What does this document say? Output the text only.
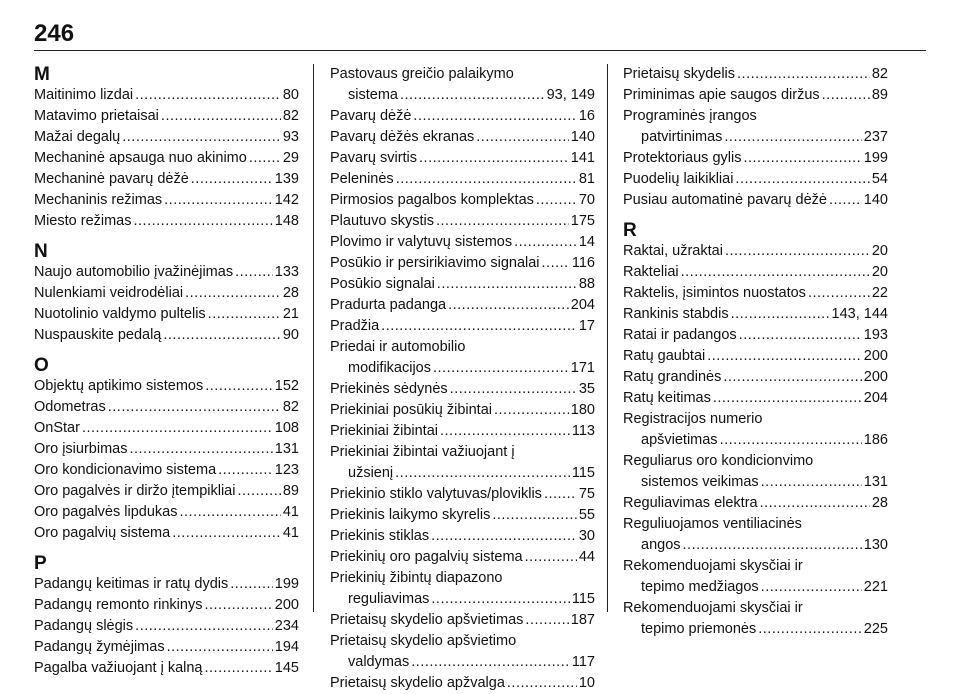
246
M
Maitinimo lizdai .....	80
Matavimo prietaisai .....	82
Mažai degalų .....	93
Mechaninė apsauga nuo akinimo ..... 29
Mechaninė pavarų dėžė .....	139
Mechaninis režimas .....	142
Miesto režimas .....	148
N
Naujo automobilio įvažinėjimas .....	133
Nulenkiami veidrodėliai .....	28
Nuotolinio valdymo pultelis .....	21
Nuspauskite pedalą .....	90
O
Objektų aptikimo sistemos .....	152
Odometras .....	82
OnStar .....	108
Oro įsiurbimas .....	131
Oro kondicionavimo sistema .....	123
Oro pagalvės ir diržo įtempikliai .....	89
Oro pagalvės lipdukas .....	41
Oro pagalvių sistema .....	41
P
Padangų keitimas ir ratų dydis .....	199
Padangų remonto rinkinys .....	200
Padangų slėgis .....	234
Padangų žymėjimas .....	194
Pagalba važiuojant į kalną .....	145
Pastovaus greičio palaikymo
sistema .....	93, 149
Pavarų dėžė .....	16
Pavarų dėžės ekranas .....	140
Pavarų svirtis .....	141
Peleninės .....	81
Pirmosios pagalbos komplektas .....	70
Plautuvo skystis .....	175
Plovimo ir valytuvų sistemos .....	14
Posūkio ir persirikiavimo signalai ..... 116
Posūkio signalai .....	88
Pradurta padanga .....	204
Pradžia .....	17
Priedai ir automobilio
modifikacijos .....	171
Priekinės sėdynės .....	35
Priekiniai posūkių žibintai .....	180
Priekiniai žibintai .....	113
Priekiniai žibintai važiuojant į
užsienį .....	115
Priekinio stiklo valytuvas/ploviklis .....	75
Priekinis laikymo skyrelis .....	55
Priekinis stiklas .....	30
Priekinių oro pagalvių sistema .....	44
Priekinių žibintų diapazono
reguliavimas .....	115
Prietaisų skydelio apšvietimas .....	187
Prietaisų skydelio apšvietimo
valdymas .....	117
Prietaisų skydelio apžvalga .....	10
Prietaisų skydelis .....	82
Priminimas apie saugos diržus .....	89
Programinės įrangos
patvirtinimas .....	237
Protektoriaus gylis .....	199
Puodelių laikikliai .....	54
Pusiau automatinė pavarų dėžė .....	140
R
Raktai, užraktai .....	20
Rakteliai .....	20
Raktelis, įsimintos nuostatos .....	22
Rankinis stabdis .....	143, 144
Ratai ir padangos .....	193
Ratų gaubtai .....	200
Ratų grandinės .....	200
Ratų keitimas .....	204
Registracijos numerio
apšvietimas .....	186
Reguliarus oro kondicionvimo
sistemos veikimas .....	131
Reguliavimas elektra .....	28
Reguliuojamos ventiliacinės
angos .....	130
Rekomenduojami skysčiai ir
tepimo medžiagos .....	221
Rekomenduojami skysčiai ir
tepimo priemonės .....	225
